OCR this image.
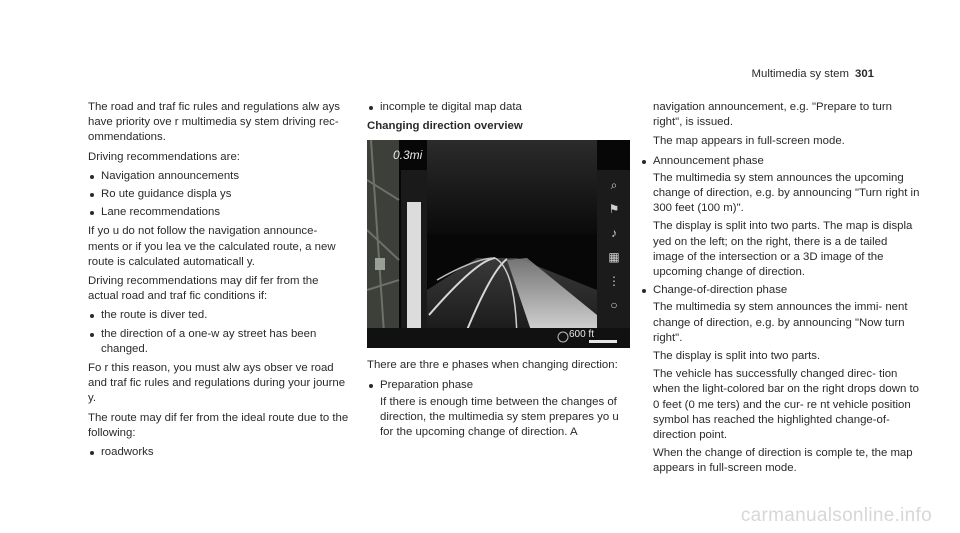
Multimedia sy stem 301

The road and traf fic rules and regulations alw ays have priority ove r multimedia sy stem driving rec- ommendations.

Driving recommendations are:

Navigation announcements
Ro ute guidance displa ys
Lane recommendations

If yo u do not follow the navigation announce- ments or if you lea ve the calculated route, a new route is calculated automaticall y.

Driving recommendations may dif fer from the actual road and traf fic conditions if:

the route is diver ted.
the direction of a one-w ay street has been changed.

Fo r this reason, you must alw ays obser ve road and traf fic rules and regulations during your journe y.

The route may dif fer from the ideal route due to the following:

roadworks
incomple te digital map data

Changing direction overview

0.3mi
600 ft
⌕
⚑
♪
▦
⋮
○

There are thre e phases when changing direction:

Preparation phase
If there is enough time between the changes of direction, the multimedia sy stem prepares yo u for the upcoming change of direction. A

navigation announcement, e.g. "Prepare to turn right", is issued.

The map appears in full-screen mode.

Announcement phase
The multimedia sy stem announces the upcoming change of direction, e.g. by announcing "Turn right in 300 feet (100 m)".
The display is split into two parts. The map is displa yed on the left; on the right, there is a de tailed image of the intersection or a 3D image of the upcoming change of direction.
Change-of-direction phase
The multimedia sy stem announces the immi- nent change of direction, e.g. by announcing "Now turn right".
The display is split into two parts.
The vehicle has successfully changed direc- tion when the light-colored bar on the right drops down to 0 feet (0 me ters) and the cur- re nt vehicle position symbol has reached the highlighted change-of-direction point.
When the change of direction is comple te, the map appears in full-screen mode.
carmanualsonline.info
